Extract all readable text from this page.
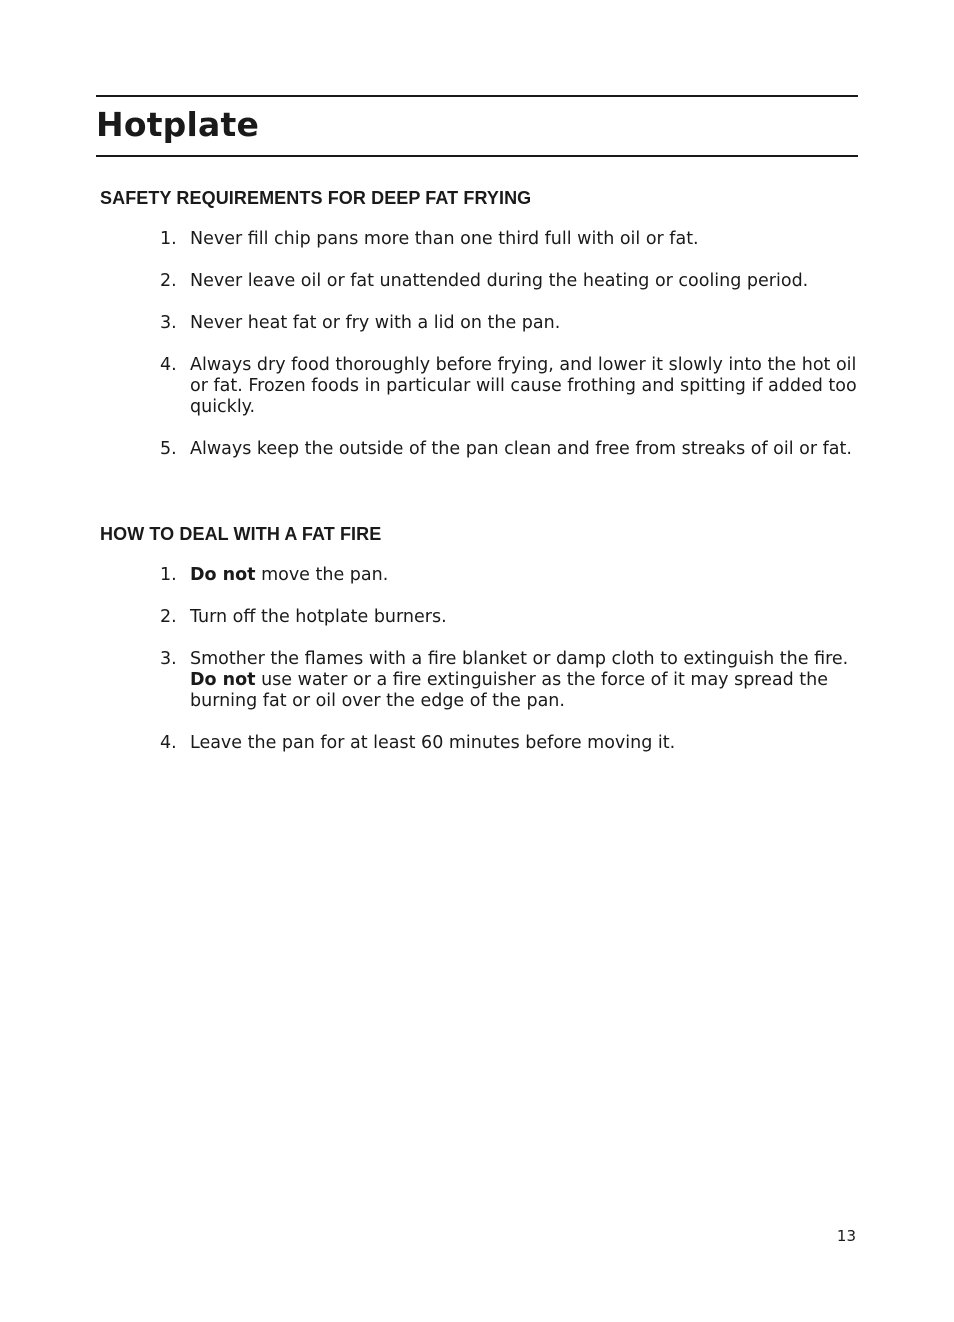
Hotplate
SAFETY REQUIREMENTS FOR DEEP FAT FRYING
1. Never fill chip pans more than one third full with oil or fat.
2. Never leave oil or fat unattended during the heating or cooling period.
3. Never heat fat or fry with a lid on the pan.
4. Always dry food thoroughly before frying, and lower it slowly into the hot oil or fat. Frozen foods in particular will cause frothing and spitting if added too quickly.
5. Always keep the outside of the pan clean and free from streaks of oil or fat.
HOW TO DEAL WITH A FAT FIRE
1. Do not move the pan.
2. Turn off the hotplate burners.
3. Smother the flames with a fire blanket or damp cloth to extinguish the fire.
Do not use water or a fire extinguisher as the force of it may spread the burning fat or oil over the edge of the pan.
4. Leave the pan for at least 60 minutes before moving it.
13
